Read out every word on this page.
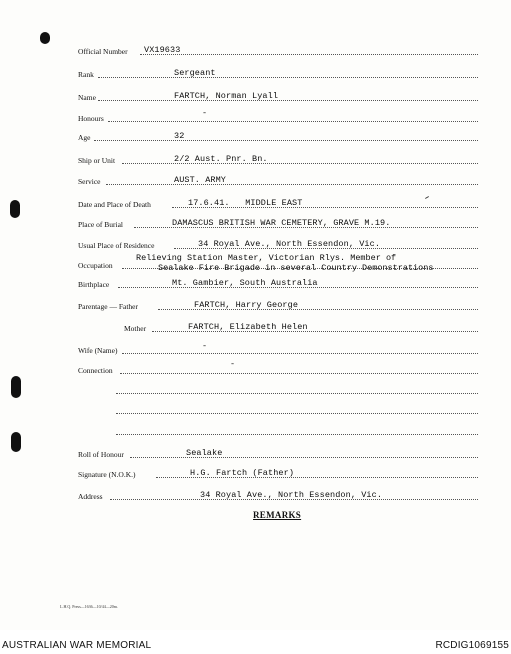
Official Number VX19633
Rank	Sergeant
Name	FARTCH, Norman Lyall
Honours
-
Age	32
Ship or Unit	2/2 Aust. Pnr. Bn.
Service	AUST. ARMY
Date and Place of Death	17.6.41.   MIDDLE EAST
Place of Burial	DAMASCUS BRITISH WAR CEMETERY, GRAVE M.19.
Usual Place of Residence	34 Royal Ave., North Essendon, Vic.
Occupation
Relieving Station Master, Victorian Rlys. Member of
Sealake Fire Brigade in several Country Demonstrations
Birthplace	Mt. Gambier, South Australia
Parentage — Father	FARTCH, Harry George
Mother	FARTCH, Elizabeth Helen
Wife (Name)	-
Connection
-
Roll of Honour	Sealake
Signature (N.O.K.)	H.G. Fartch (Father)
Address	34 Royal Ave., North Essendon, Vic.
REMARKS
L.H.Q. Press—1636—10/44—20m.
AUSTRALIAN WAR MEMORIAL	RCDIG1069155
